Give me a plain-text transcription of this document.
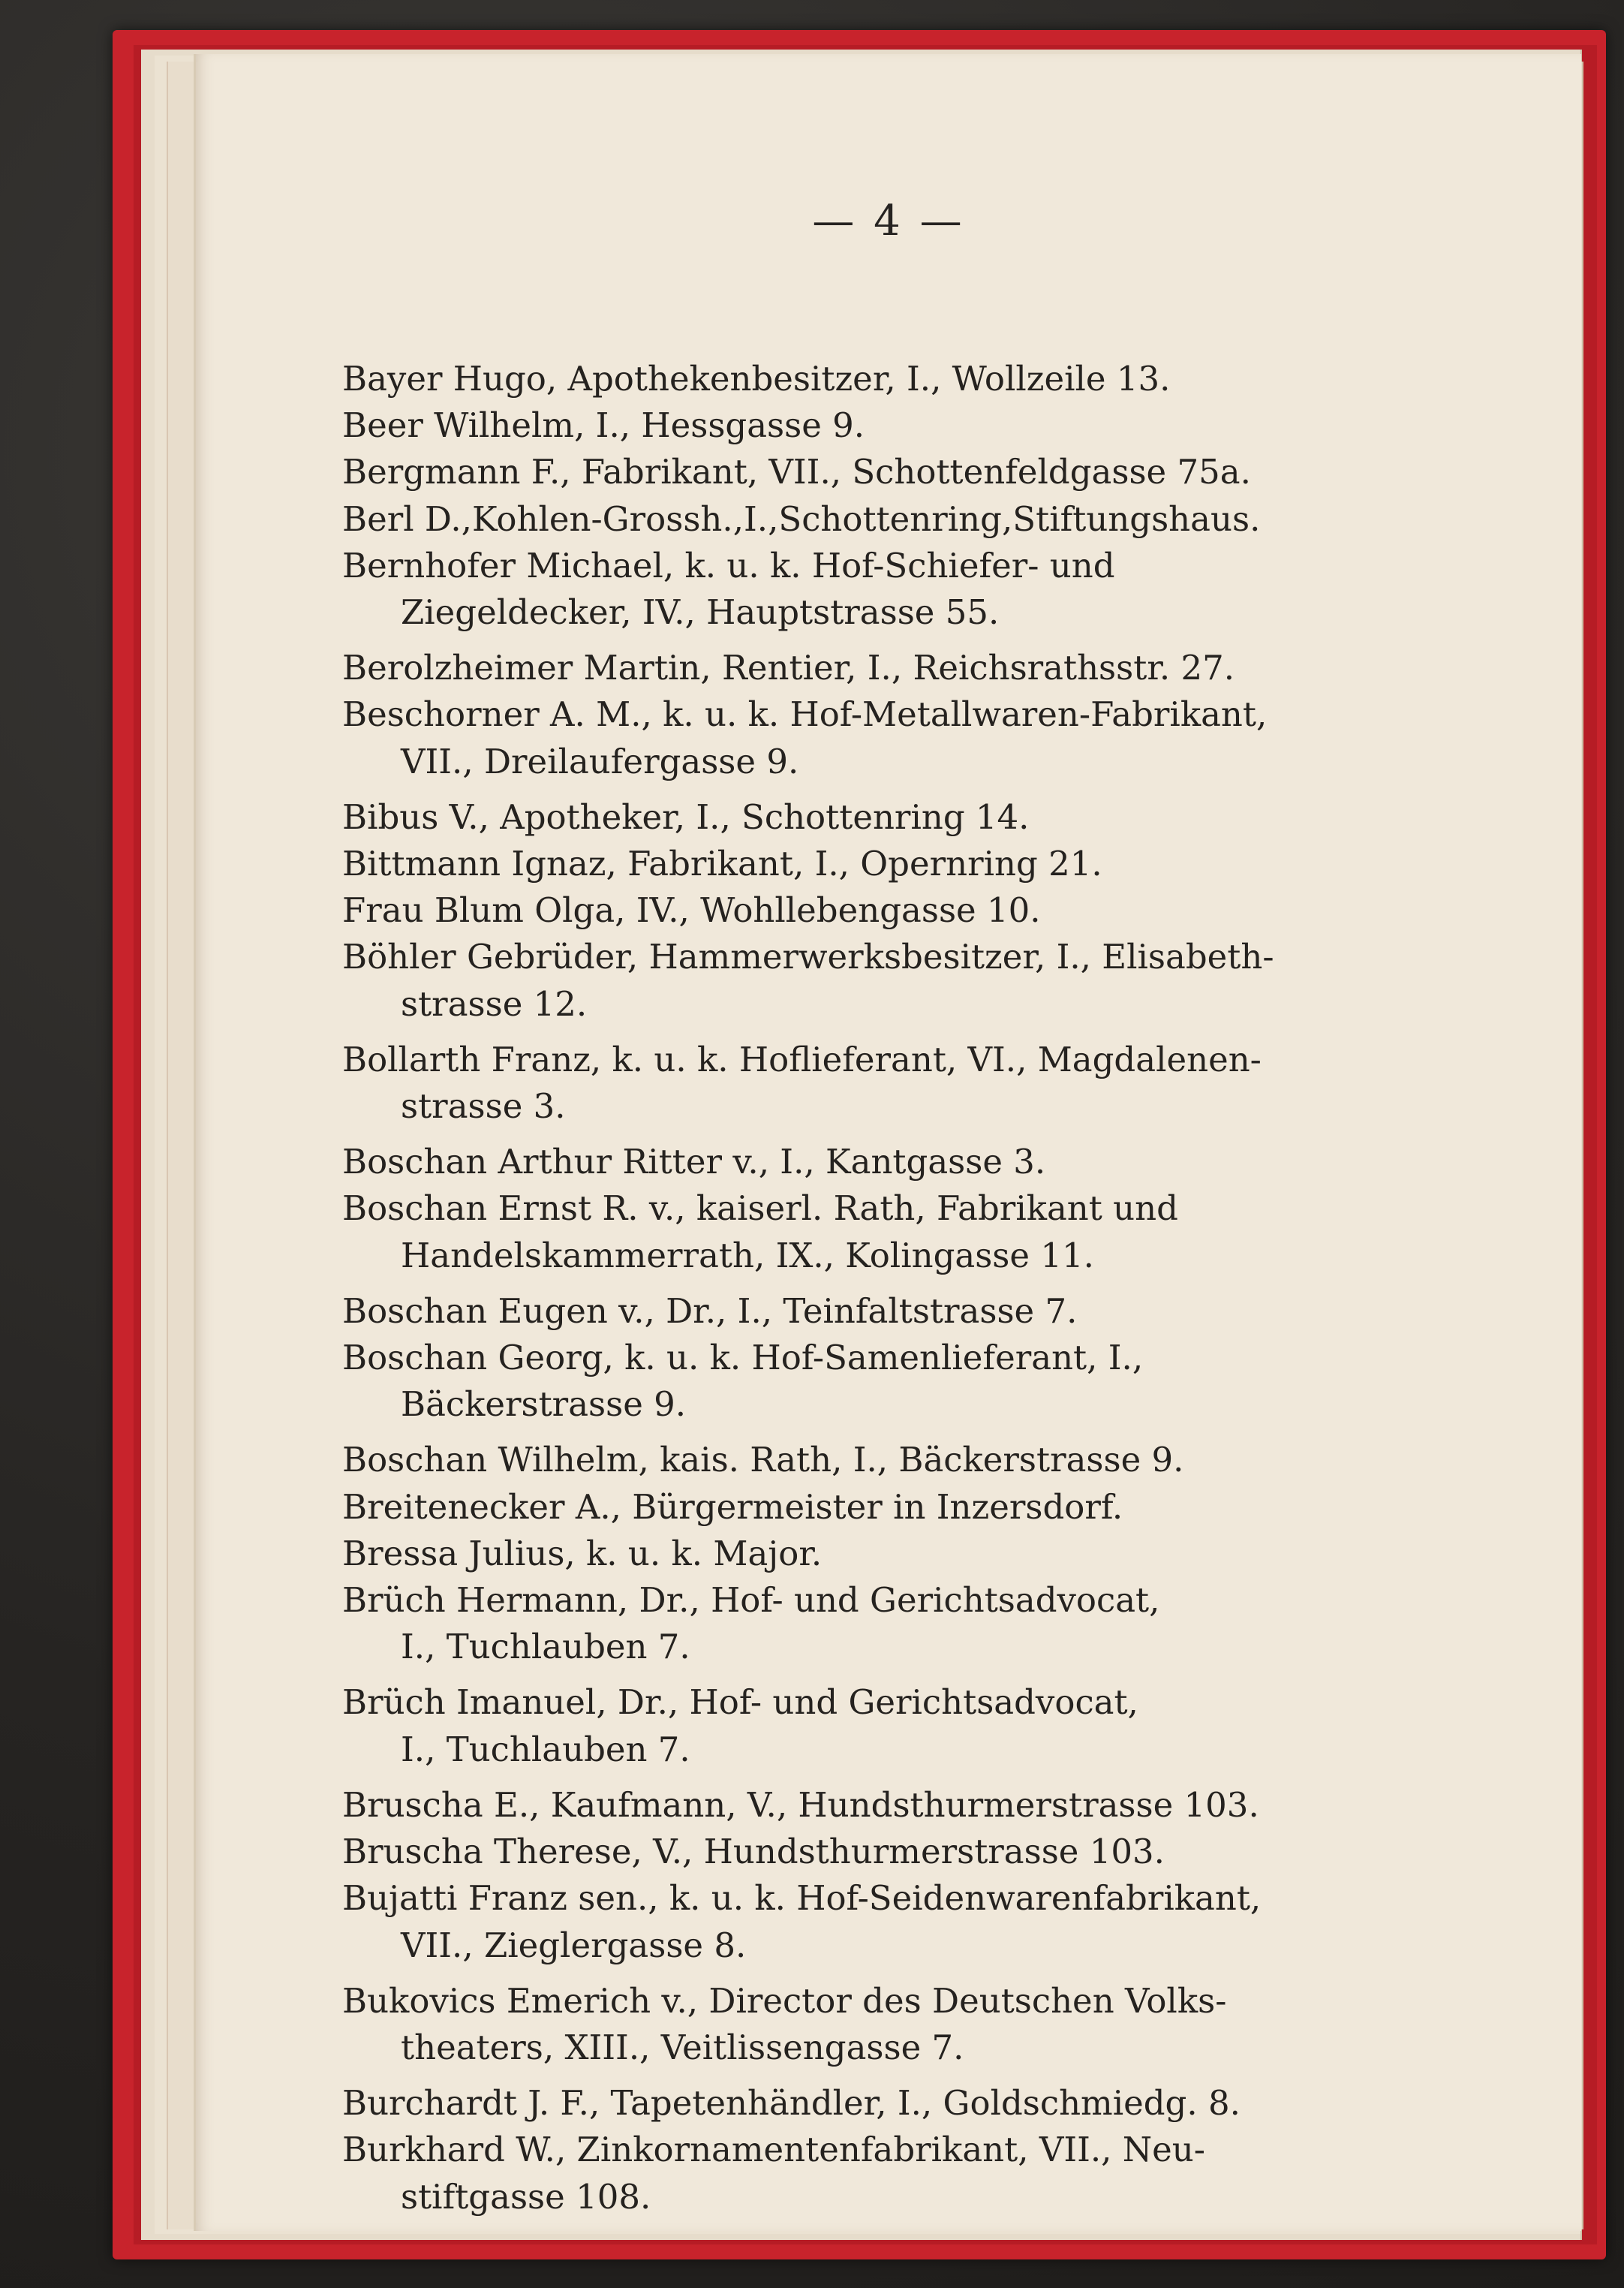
— 4 —
Bayer Hugo, Apothekenbesitzer, I., Wollzeile 13.
Beer Wilhelm, I., Hessgasse 9.
Bergmann F., Fabrikant, VII., Schottenfeldgasse 75a.
Berl D.,Kohlen-Grossh.,I.,Schottenring,Stiftungshaus.
Bernhofer Michael, k. u. k. Hof-Schiefer- und
Ziegeldecker, IV., Hauptstrasse 55.
Berolzheimer Martin, Rentier, I., Reichsrathsstr. 27.
Beschorner A. M., k. u. k. Hof-Metallwaren-Fabrikant,
VII., Dreilaufergasse 9.
Bibus V., Apotheker, I., Schottenring 14.
Bittmann Ignaz, Fabrikant, I., Opernring 21.
Frau Blum Olga, IV., Wohllebengasse 10.
Böhler Gebrüder, Hammerwerksbesitzer, I., Elisabeth-
strasse 12.
Bollarth Franz, k. u. k. Hoflieferant, VI., Magdalenen-
strasse 3.
Boschan Arthur Ritter v., I., Kantgasse 3.
Boschan Ernst R. v., kaiserl. Rath, Fabrikant und
Handelskammerrath, IX., Kolingasse 11.
Boschan Eugen v., Dr., I., Teinfaltstrasse 7.
Boschan Georg, k. u. k. Hof-Samenlieferant, I.,
Bäckerstrasse 9.
Boschan Wilhelm, kais. Rath, I., Bäckerstrasse 9.
Breitenecker A., Bürgermeister in Inzersdorf.
Bressa Julius, k. u. k. Major.
Brüch Hermann, Dr., Hof- und Gerichtsadvocat,
I., Tuchlauben 7.
Brüch Imanuel, Dr., Hof- und Gerichtsadvocat,
I., Tuchlauben 7.
Bruscha E., Kaufmann, V., Hundsthurmerstrasse 103.
Bruscha Therese, V., Hundsthurmerstrasse 103.
Bujatti Franz sen., k. u. k. Hof-Seidenwarenfabrikant,
VII., Zieglergasse 8.
Bukovics Emerich v., Director des Deutschen Volks-
theaters, XIII., Veitlissengasse 7.
Burchardt J. F., Tapetenhändler, I., Goldschmiedg. 8.
Burkhard W., Zinkornamentenfabrikant, VII., Neu-
stiftgasse 108.
